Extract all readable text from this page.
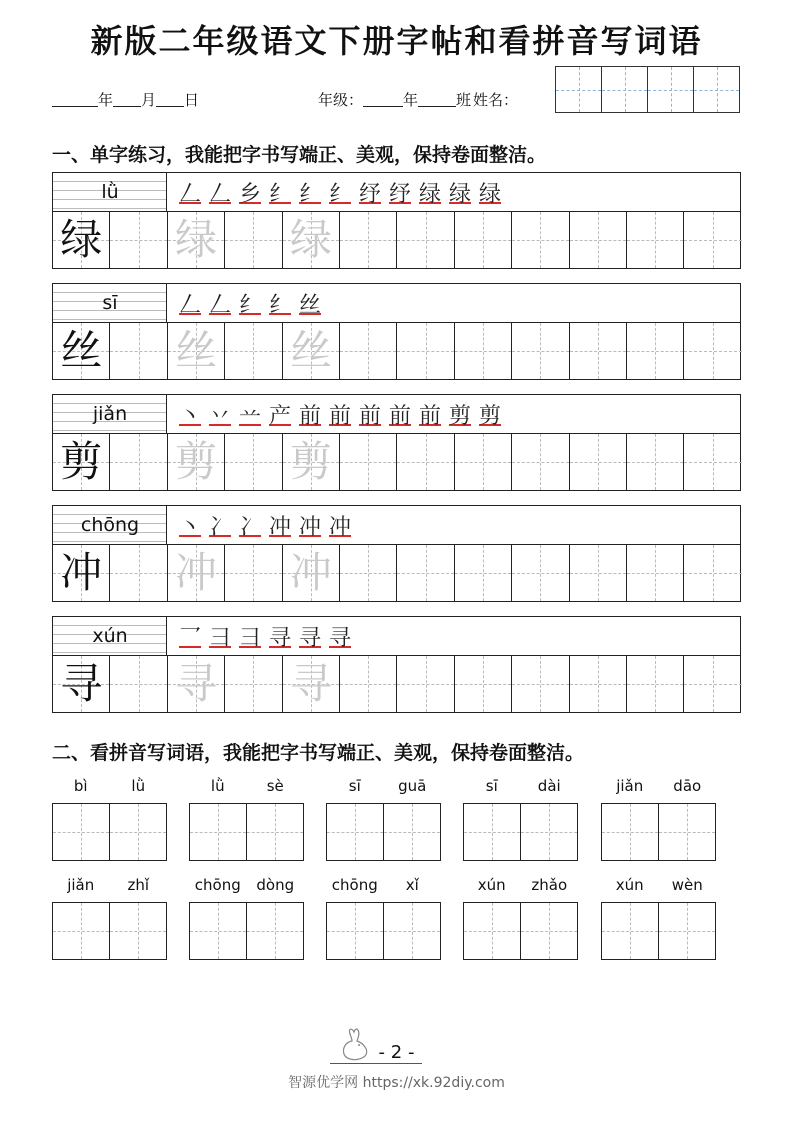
新版二年级语文下册字帖和看拼音写词语
年 月 日	年级：	年	班 姓名：
一、单字练习，我能把字书写端正、美观，保持卷面整洁。
lǜ	𠃋 𠃋 乡 纟 纟 纟 纾 纾 绿 绿 绿
绿 绿 绿
sī	𠃋 𠃋 纟 纟 丝
丝 丝 丝
jiǎn	丶 丷 䒑 产 前 前 前 前 前 剪 剪
剪 剪 剪
chōng	丶 冫 冫 冲 冲 冲
冲 冲 冲
xún	乛 彐 彐 寻 寻 寻
寻 寻 寻
二、看拼音写词语，我能把字书写端正、美观，保持卷面整洁。
bì	lǜ	lǜ	sè	sī	guā	sī	dài	jiǎn	dāo
jiǎn	zhǐ	chōng	dòng	chōng	xǐ	xún	zhǎo	xún	wèn
- 2 -
智源优学网 https://xk.92diy.com
